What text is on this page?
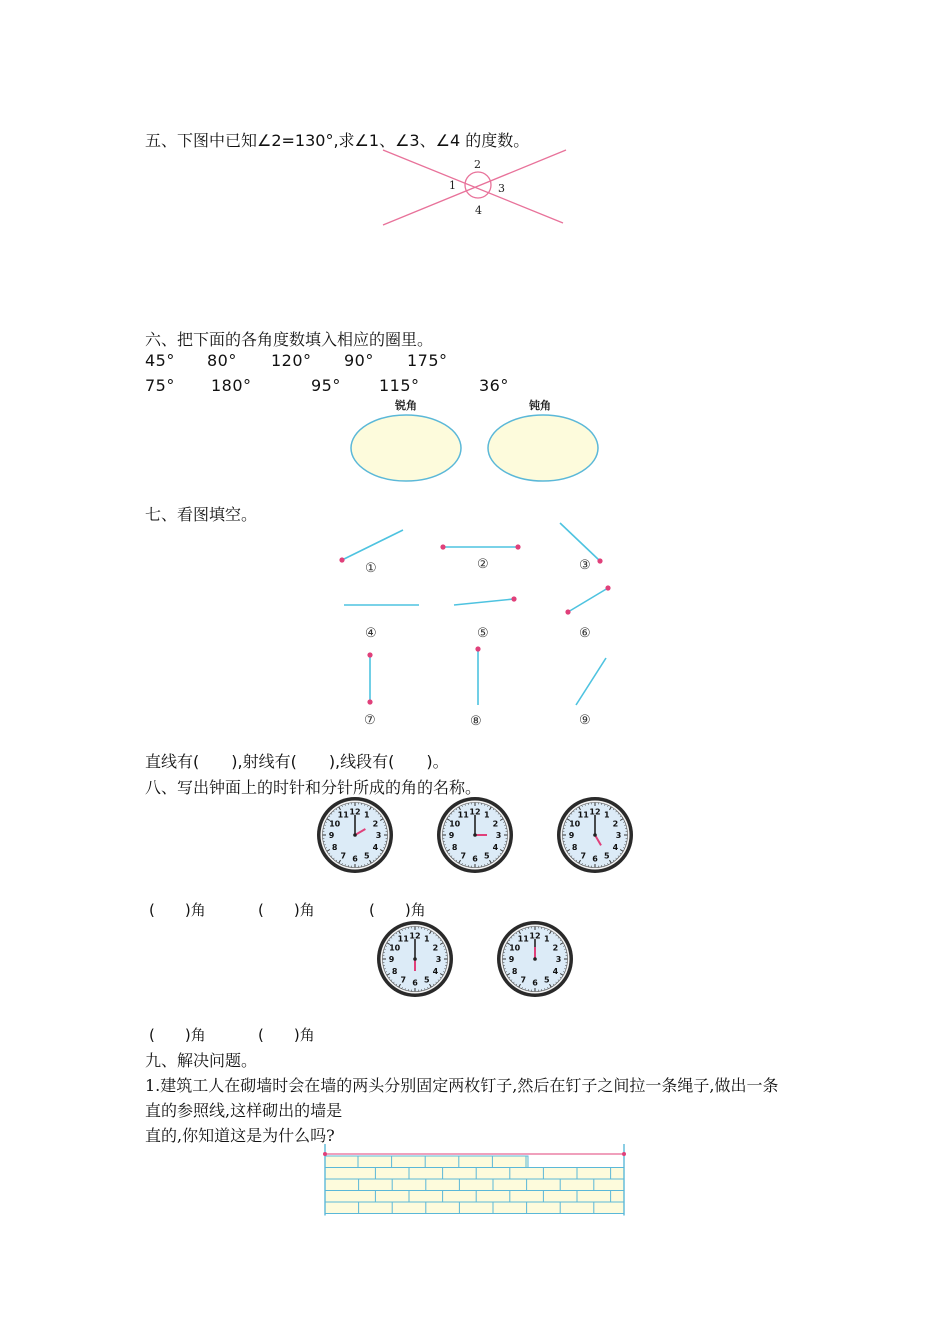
五、下图中已知∠2=130°,求∠1、∠3、∠4 的度数。
2
1	3
4
六、把下面的各角度数填入相应的圈里。
45° 80° 120° 90° 175°
75° 180°	95° 115°	36°
锐角	钝角
七、看图填空。
①	②	③
④	⑤	⑥
⑦	⑧	⑨
直线有(　　),射线有(　　),线段有(　　)。
八、写出钟面上的时针和分针所成的角的名称。
12 1
2
3
4
5
6
7
8
9
10
11	12 1
2
3
4
5
6
7
8
9
10
11	12 1
2
3
4
5
6
7
8
9
10
11
(　　)角	(　　)角	(　　)角
12 1
2
3
4
5
6
7
8
9
10
11	12 1
2
3
4
5
6
7
8
9
10
11
(　　)角	(　　)角
九、解决问题。
1.建筑工人在砌墙时会在墙的两头分别固定两枚钉子,然后在钉子之间拉一条绳子,做出一条
直的参照线,这样砌出的墙是
直的,你知道这是为什么吗?
